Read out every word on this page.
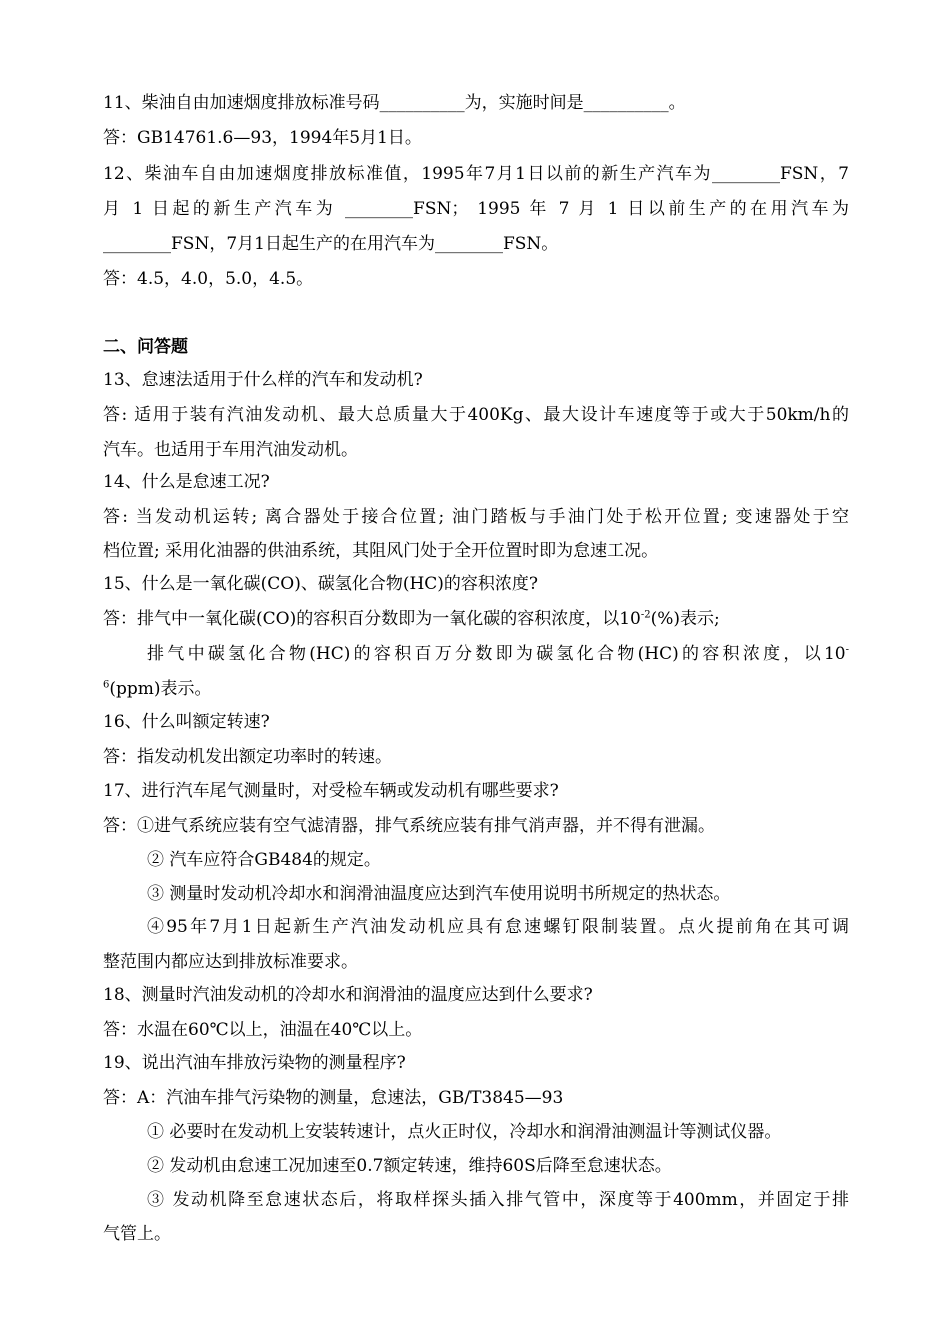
11、柴油自由加速烟度排放标准号码__________为，实施时间是__________。
答：GB14761.6—93，1994年5月1日。
12、柴油车自由加速烟度排放标准值，1995年7月1日以前的新生产汽车为________FSN，7
月 1 日起的新生产汽车为 ________FSN； 1995 年 7 月 1 日以前生产的在用汽车为
________FSN，7月1日起生产的在用汽车为________FSN。
答：4.5，4.0，5.0，4.5。
二、问答题
13、怠速法适用于什么样的汽车和发动机?
答: 适用于装有汽油发动机、最大总质量大于400Kg、最大设计车速度等于或大于50km/h的
汽车。也适用于车用汽油发动机。
14、什么是怠速工况?
答: 当发动机运转; 离合器处于接合位置; 油门踏板与手油门处于松开位置; 变速器处于空
档位置; 采用化油器的供油系统，其阻风门处于全开位置时即为怠速工况。
15、什么是一氧化碳(CO)、碳氢化合物(HC)的容积浓度?
答：排气中一氧化碳(CO)的容积百分数即为一氧化碳的容积浓度，以$10^{-2}(\%)$表示;
排气中碳氢化合物(HC)的容积百万分数即为碳氢化合物(HC)的容积浓度，以10-
$^6$(ppm)表示。
16、什么叫额定转速?
答：指发动机发出额定功率时的转速。
17、进行汽车尾气测量时，对受检车辆或发动机有哪些要求?
答：①进气系统应装有空气滤清器，排气系统应装有排气消声器，并不得有泄漏。
② 汽车应符合GB484的规定。
③ 测量时发动机冷却水和润滑油温度应达到汽车使用说明书所规定的热状态。
④95年7月1日起新生产汽油发动机应具有怠速螺钉限制装置。点火提前角在其可调
整范围内都应达到排放标准要求。
18、测量时汽油发动机的冷却水和润滑油的温度应达到什么要求?
答：水温在60℃以上，油温在40℃以上。
19、说出汽油车排放污染物的测量程序?
答：A：汽油车排气污染物的测量，怠速法，GB/T3845—93
① 必要时在发动机上安装转速计，点火正时仪，冷却水和润滑油测温计等测试仪器。
② 发动机由怠速工况加速至0.7额定转速，维持60S后降至怠速状态。
③ 发动机降至怠速状态后，将取样探头插入排气管中，深度等于400mm，并固定于排
气管上。
